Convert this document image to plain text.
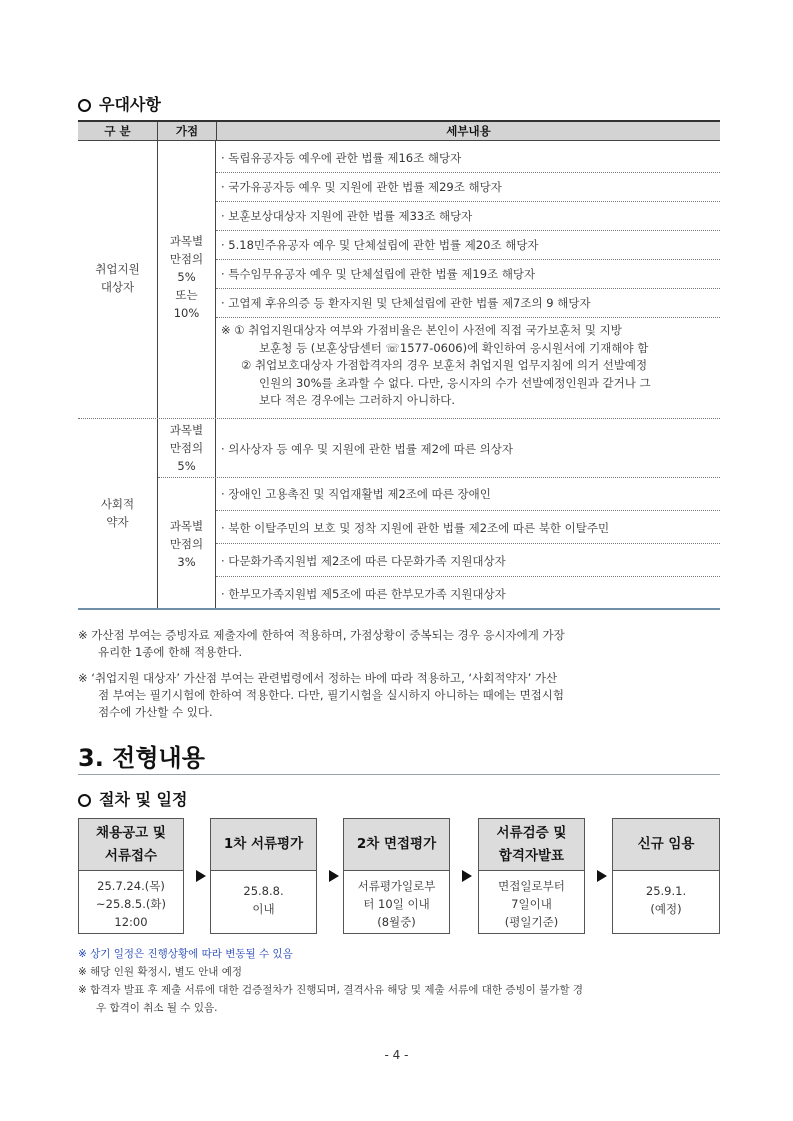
우대사항
구 분	가점	세부내용
취업지원
대상자
과목별
만점의
5%
또는
10%
· 독립유공자등 예우에 관한 법률 제16조 해당자
· 국가유공자등 예우 및 지원에 관한 법률 제29조 해당자
· 보훈보상대상자 지원에 관한 법률 제33조 해당자
· 5.18민주유공자 예우 및 단체설립에 관한 법률 제20조 해당자
· 특수임무유공자 예우 및 단체설립에 관한 법률 제19조 해당자
· 고엽제 후유의증 등 환자지원 및 단체설립에 관한 법률 제7조의 9 해당자
※ ① 취업지원대상자 여부와 가점비율은 본인이 사전에 직접 국가보훈처 및 지방
보훈청 등 (보훈상담센터 ☏1577-0606)에 확인하여 응시원서에 기재해야 함
② 취업보호대상자 가점합격자의 경우 보훈처 취업지원 업무지침에 의거 선발예정
인원의 30%를 초과할 수 없다. 다만, 응시자의 수가 선발예정인원과 같거나 그
보다 적은 경우에는 그러하지 아니하다.
사회적
약자
과목별
만점의
5%
· 의사상자 등 예우 및 지원에 관한 법률 제2에 따른 의상자
과목별
만점의
3%
· 장애인 고용촉진 및 직업재활법 제2조에 따른 장애인
· 북한 이탈주민의 보호 및 정착 지원에 관한 법률 제2조에 따른 북한 이탈주민
· 다문화가족지원법 제2조에 따른 다문화가족 지원대상자
· 한부모가족지원법 제5조에 따른 한부모가족 지원대상자
※ 가산점 부여는 증빙자료 제출자에 한하여 적용하며, 가점상황이 중복되는 경우 응시자에게 가장
유리한 1종에 한해 적용한다.
※ ‘취업지원 대상자’ 가산점 부여는 관련법령에서 정하는 바에 따라 적용하고, ‘사회적약자’ 가산
점 부여는 필기시험에 한하여 적용한다. 다만, 필기시험을 실시하지 아니하는 때에는 면접시험
점수에 가산할 수 있다.
3. 전형내용
절차 및 일정
채용공고 및
서류접수
25.7.24.(목)
~25.8.5.(화)
12:00
1차 서류평가
25.8.8.
이내
2차 면접평가
서류평가일로부
터 10일 이내
(8월중)
서류검증 및
합격자발표
면접일로부터
7일이내
(평일기준)
신규 임용
25.9.1.
(예정)
※ 상기 일정은 진행상황에 따라 변동될 수 있음
※ 해당 인원 확정시, 별도 안내 예정
※ 합격자 발표 후 제출 서류에 대한 검증절차가 진행되며, 결격사유 해당 및 제출 서류에 대한 증빙이 불가할 경
우 합격이 취소 될 수 있음.
- 4 -
